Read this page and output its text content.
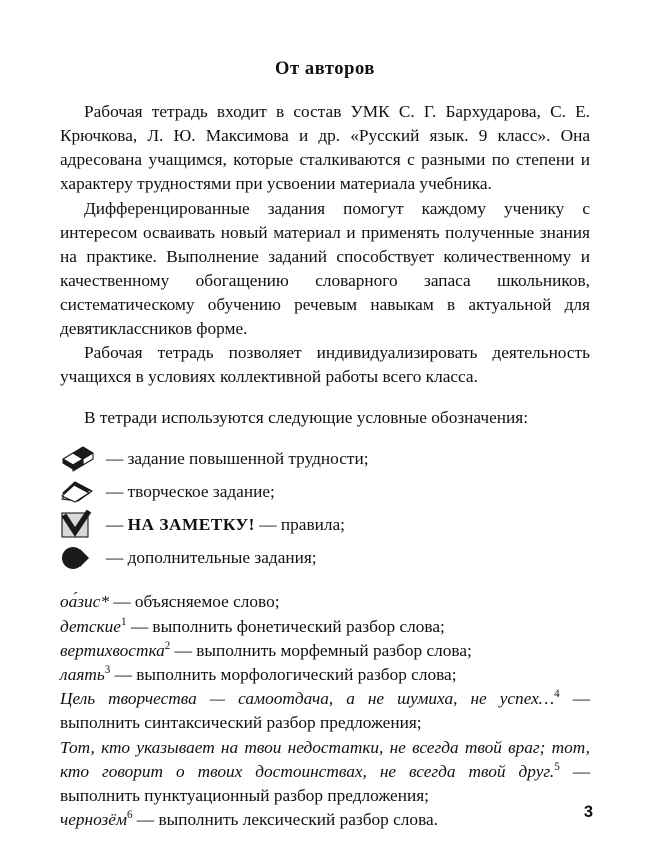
От авторов

Рабочая тетрадь входит в состав УМК С. Г. Бархударова, С. Е. Крючкова, Л. Ю. Максимова и др. «Русский язык. 9 класс». Она адресована учащимся, которые сталкиваются с разными по степени и характеру трудностями при усвоении материала учебника.

Дифференцированные задания помогут каждому ученику с интересом осваивать новый материал и применять полученные знания на практике. Выполнение заданий способствует количественному и качественному обогащению словарного запаса школьников, систематическому обучению речевым навыкам в актуальной для девятиклассников форме.

Рабочая тетрадь позволяет индивидуализировать деятельность учащихся в условиях коллективной работы всего класса.

В тетради используются следующие условные обозначения:

— задание повышенной трудности;
— творческое задание;
— НА ЗАМЕТКУ! — правила;
— дополнительные задания;

оа́зис* — объясняемое слово;

детские$^1$ — выполнить фонетический разбор слова;

вертихвостка$^2$ — выполнить морфемный разбор слова;

лаять$^3$ — выполнить морфологический разбор слова;

Цель творчества — самоотдача, а не шумиха, не успех…$^4$ — выполнить синтаксический разбор предложения;

Тот, кто указывает на твои недостатки, не всегда твой враг; тот, кто говорит о твоих достоинствах, не всегда твой друг.$^5$ — выполнить пунктуационный разбор предложения;

чернозём$^6$ — выполнить лексический разбор слова.	3
